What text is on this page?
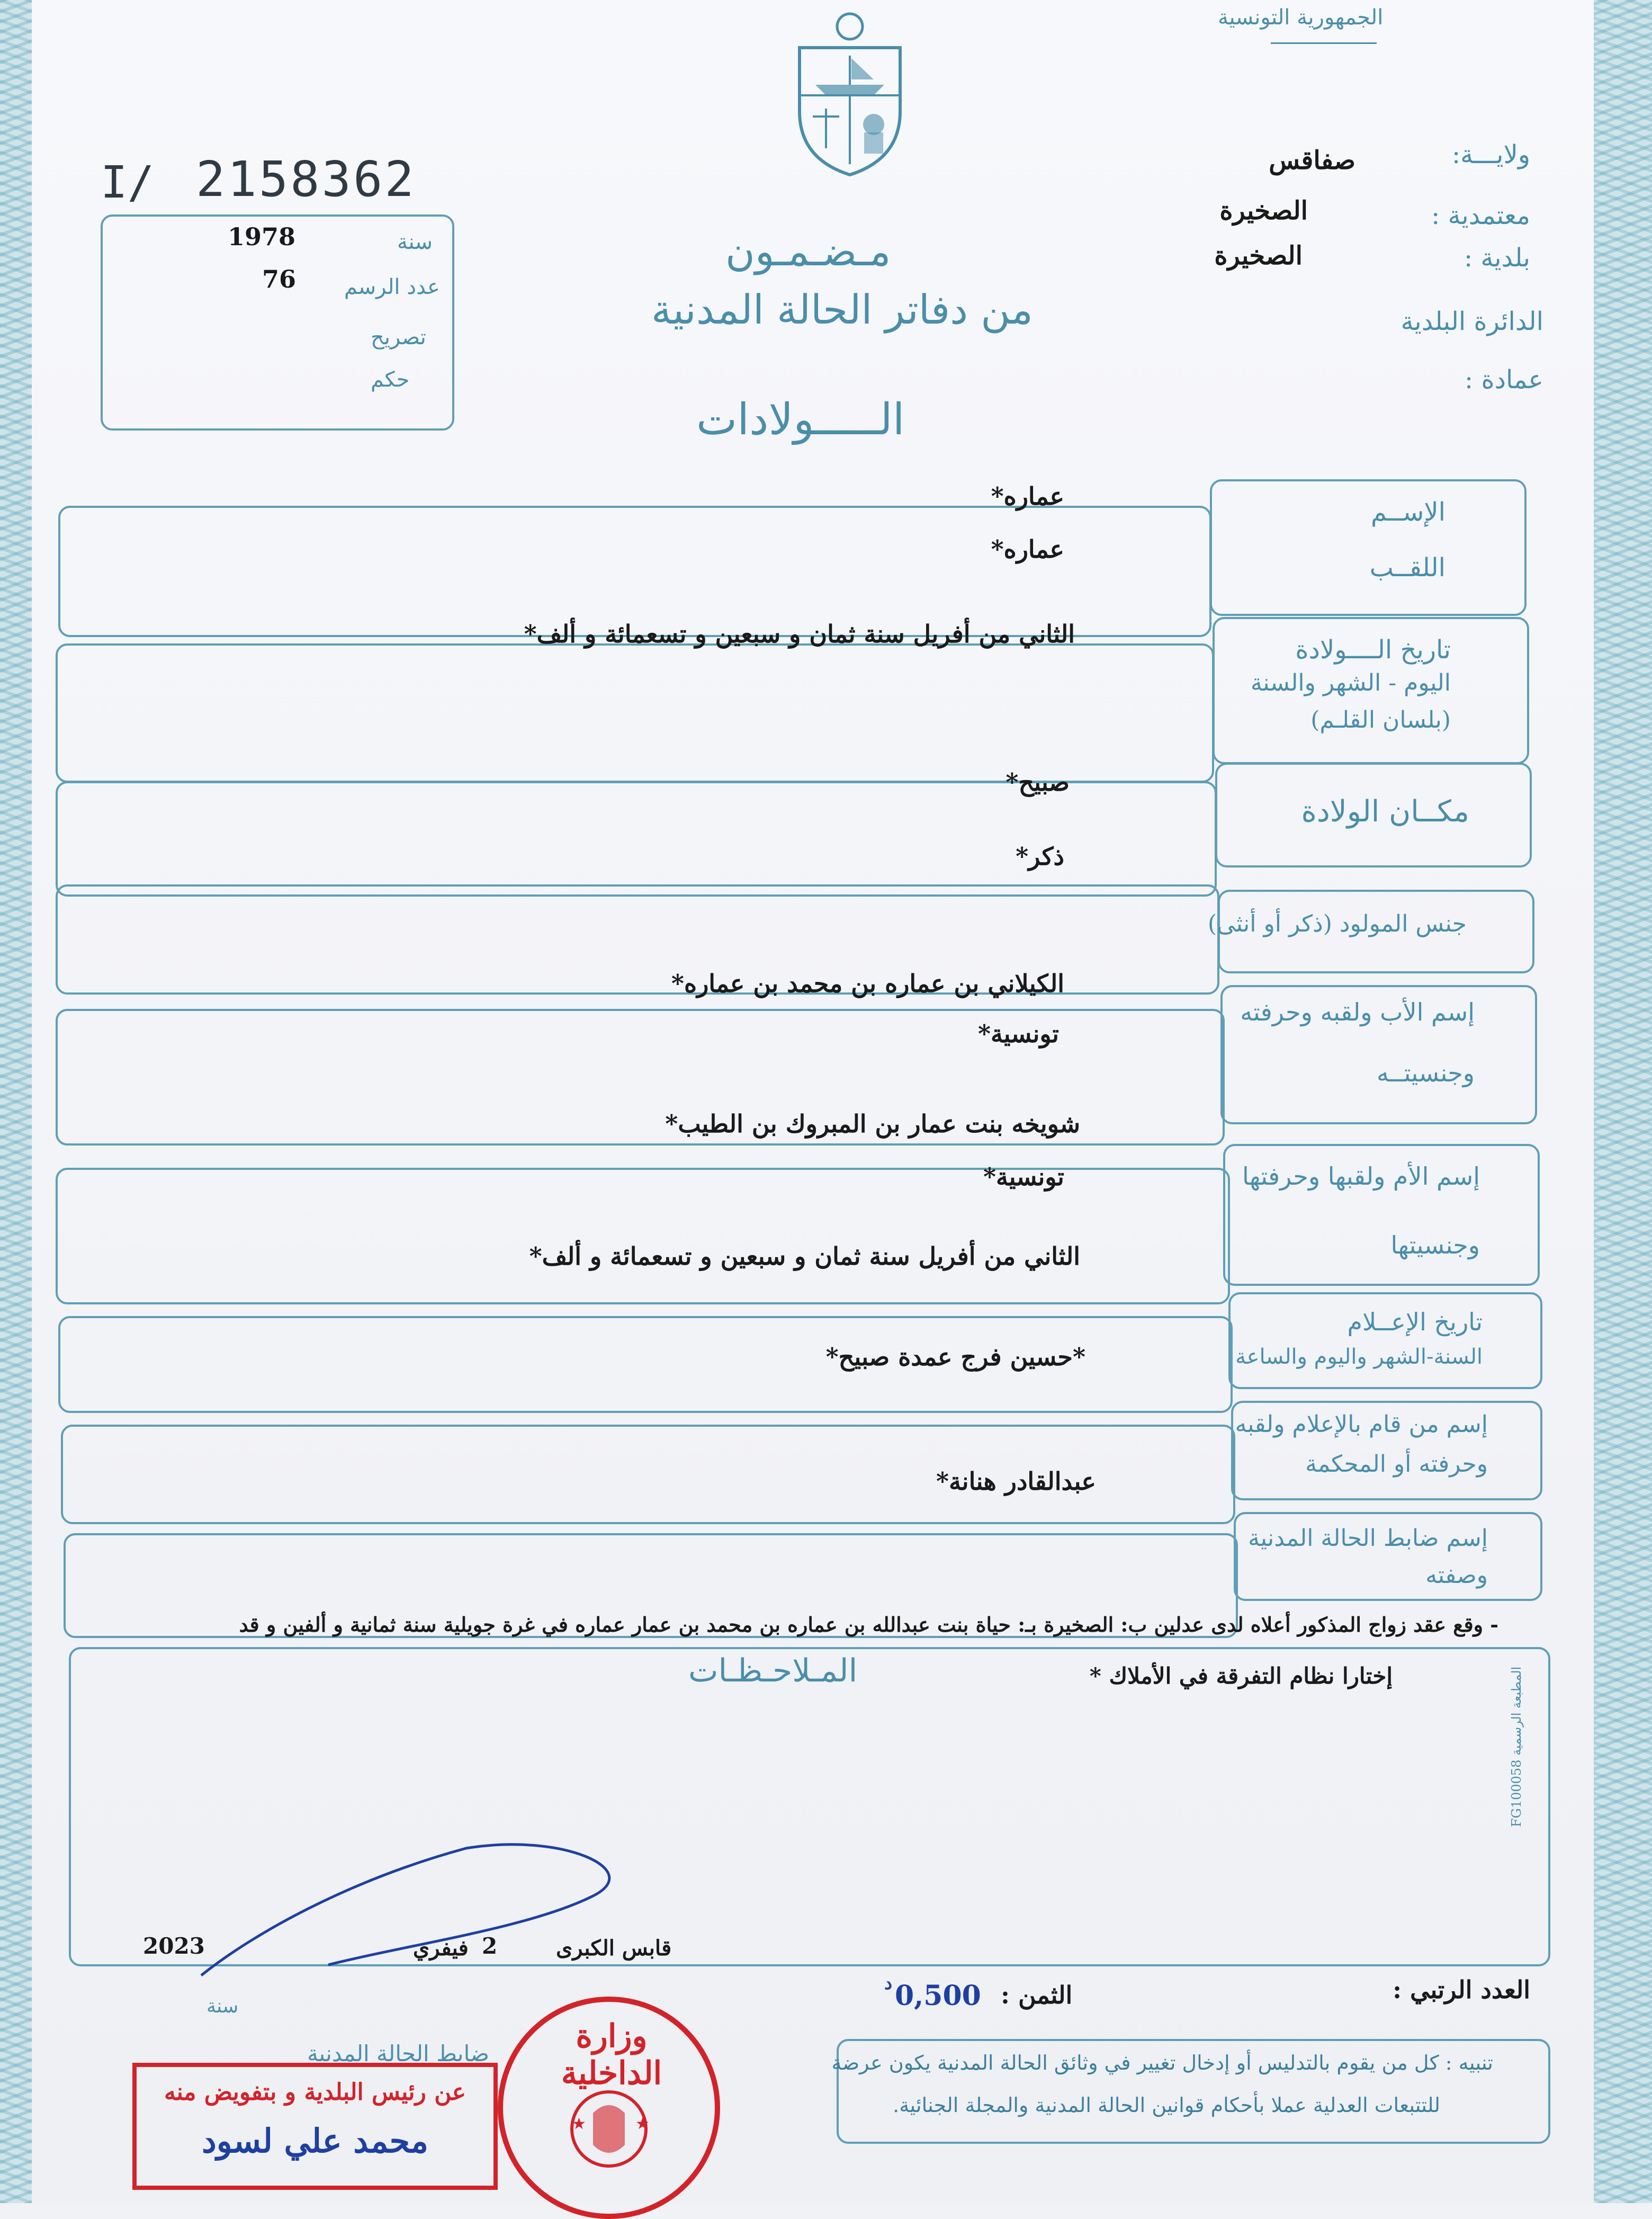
الجمهورية التونسية
I/ 2158362	ولايـــة:
صفاقس
معتمدية :
الصخيرة
بلدية :
الصخيرة
الدائرة البلدية
عمادة :
سنة
1978
عدد الرسم
76
تصريح
حكم
مـضـمـون
من دفاتر الحالة المدنية
الـــــولادات
الإســم
اللقــب
عماره*
عماره*
تاريخ الــــولادة
اليوم - الشهر والسنة
(بلسان القلـم)
الثاني من أفريل سنة ثمان و سبعين و تسعمائة و ألف*
مكــان الولادة
صبيح*
جنس المولود (ذكر أو أنثى)
ذكر*
إسم الأب ولقبه وحرفته
وجنسيتــه
الكيلاني بن عماره بن محمد بن عماره*
تونسية*
إسم الأم ولقبها وحرفتها
وجنسيتها
شويخه بنت عمار بن المبروك بن الطيب*
تونسية*
تاريخ الإعــلام
السنة-الشهر واليوم والساعة
الثاني من أفريل سنة ثمان و سبعين و تسعمائة و ألف*
إسم من قام بالإعلام ولقبه
وحرفته أو المحكمة
*حسين فرج عمدة صبيح*
إسم ضابط الحالة المدنية
وصفته
عبدالقادر هنانة*
- وقع عقد زواج المذكور أعلاه لدى عدلين ب: الصخيرة بـ: حياة بنت عبدالله بن عماره بن محمد بن عمار عماره في غرة جويلية سنة ثمانية و ألفين و قد
المـلاحـظـات	إختارا نظام التفرقة في الأملاك *
المطبعة الرسمية FG100058
2023	فيفري 2	قابس الكبرى
سنة
العدد الرتبي :
الثمن :
0,500
د
تنبيه : كل من يقوم بالتدليس أو إدخال تغيير في وثائق الحالة المدنية يكون عرضة
للتتبعات العدلية عملا بأحكام قوانين الحالة المدنية والمجلة الجنائية.
ضابط الحالة المدنية	وزارة الداخلية
★	★
عن رئيس البلدية و بتفويض منه
محمد علي لسود
